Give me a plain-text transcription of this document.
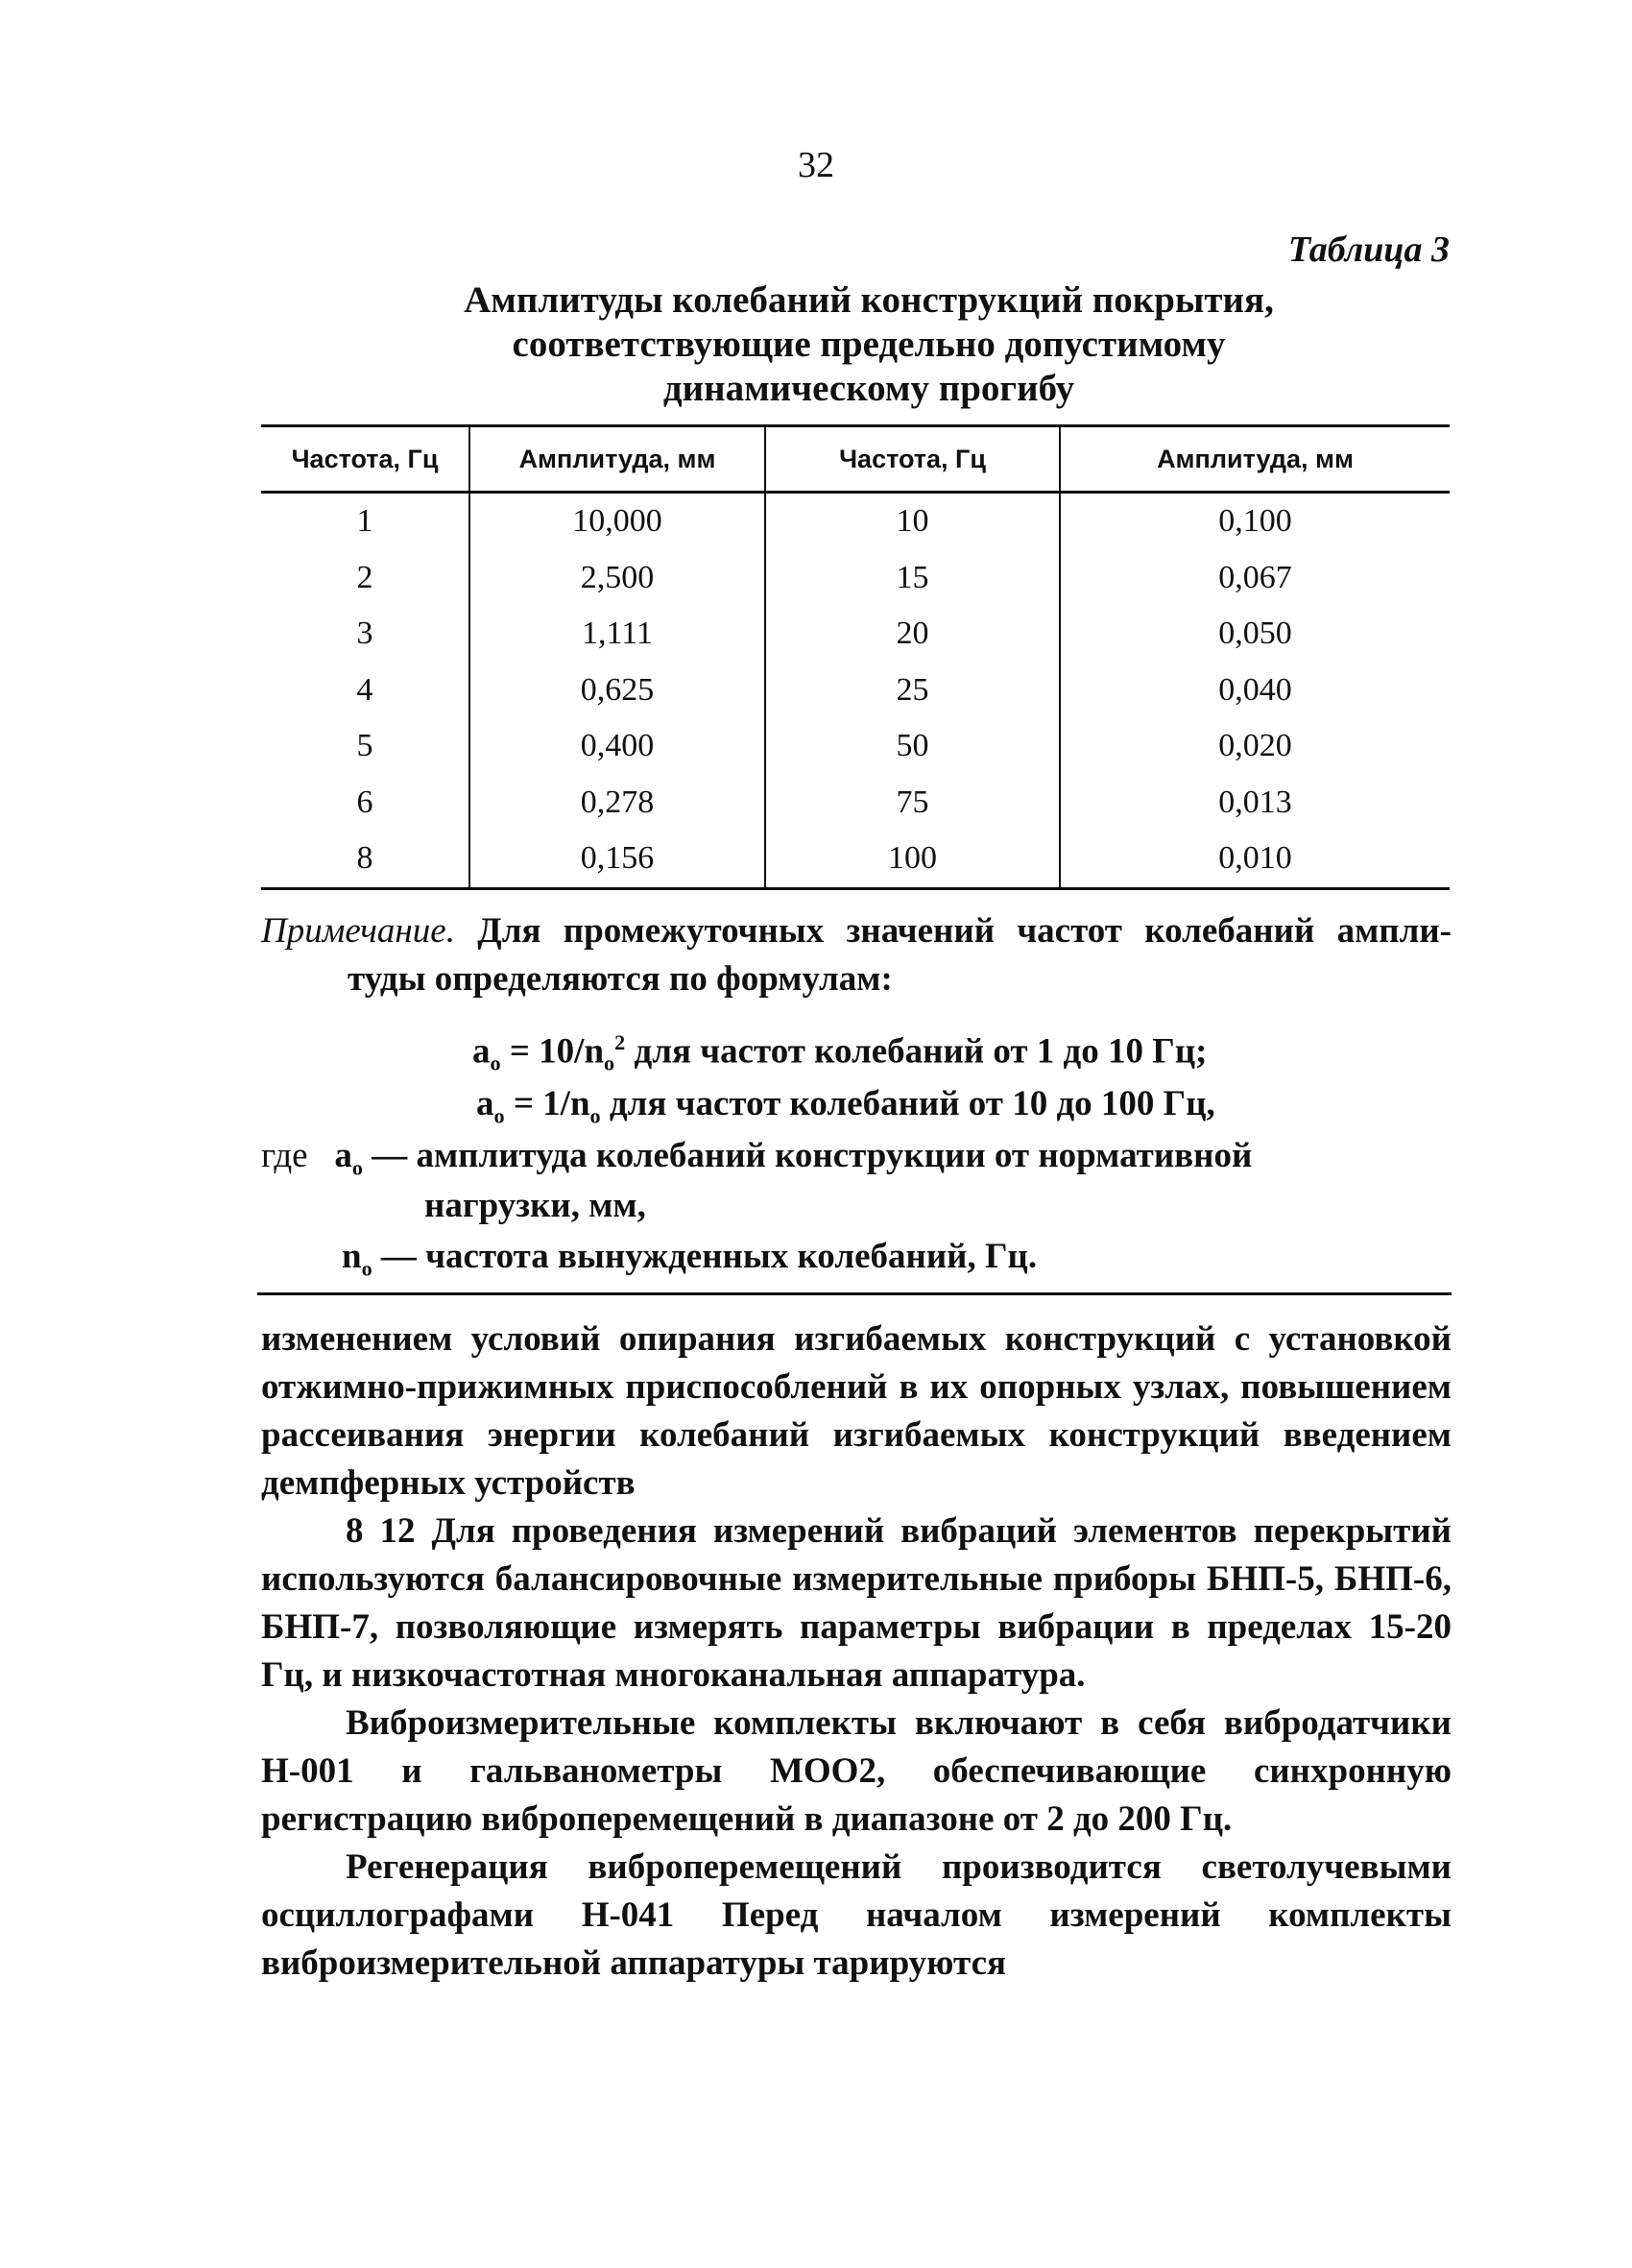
32
Таблица 3
Амплитуды колебаний конструкций покрытия,
соответствующие предельно допустимому
динамическому прогибу
Частота, Гц	Амплитуда, мм	Частота, Гц	Амплитуда, мм
1	10,000	10	0,100
2	2,500	15	0,067
3	1,111	20	0,050
4	0,625	25	0,040
5	0,400	50	0,020
6	0,278	75	0,013
8	0,156	100	0,010
Примечание. Для промежуточных значений частот колебаний ампли-
туды определяются по формулам:
$a_o = 10/n_o^2$ для частот колебаний от 1 до 10 Гц;
$a_o = 1/n_o$ для частот колебаний от 10 до 100 Гц,
где $a_o$ — амплитуда колебаний конструкции от нормативной
нагрузки, мм,
$n_o$ — частота вынужденных колебаний, Гц.

изменением условий опирания изгибаемых конструкций с установкой отжимно-прижимных приспособлений в их опорных узлах, повышением рассеивания энергии колебаний изгибаемых конструкций введением демпферных устройств

8 12 Для проведения измерений вибраций элементов перекрытий используются балансировочные измерительные приборы БНП-5, БНП-6, БНП-7, позволяющие измерять параметры вибрации в пределах 15-20 Гц, и низкочастотная многоканальная аппаратура.

Виброизмерительные комплекты включают в себя вибродатчики Н-001 и гальванометры МОО2, обеспечивающие синхронную регистрацию виброперемещений в диапазоне от 2 до 200 Гц.

Регенерация виброперемещений производится светолучевыми осциллографами Н-041 Перед началом измерений комплекты виброизмерительной аппаратуры тарируются
